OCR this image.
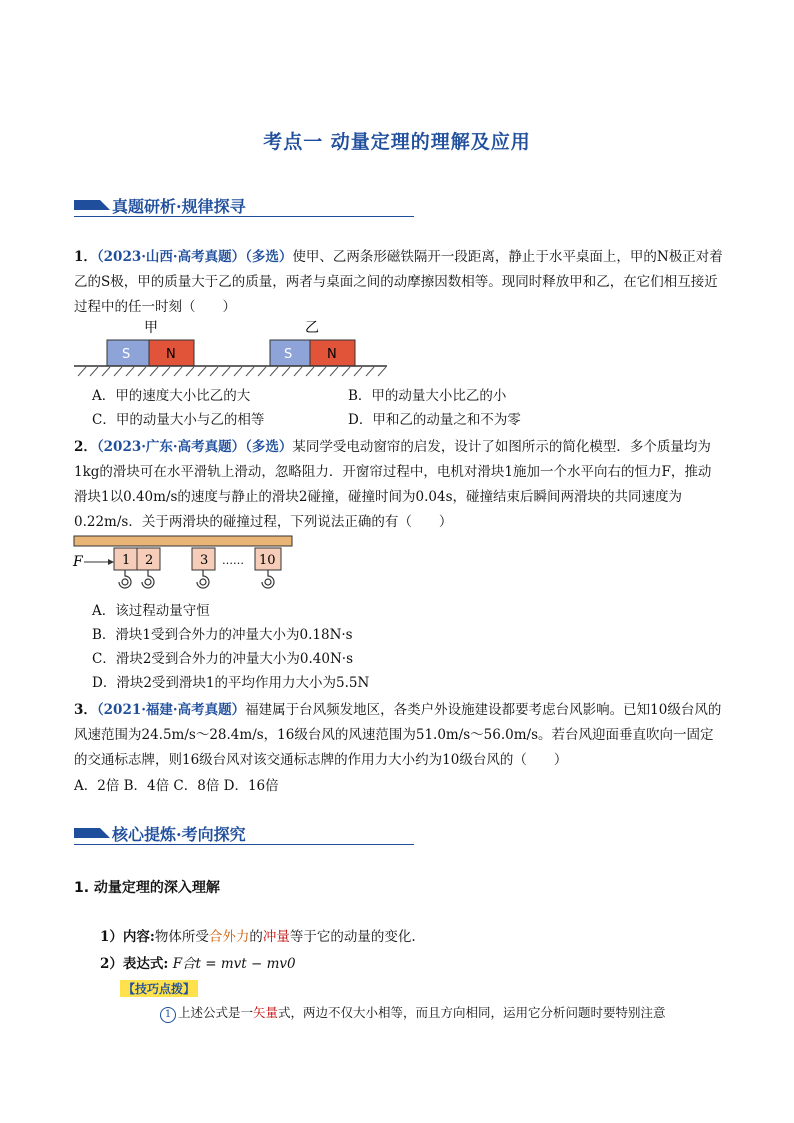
考点一 动量定理的理解及应用
真题研析·规律探寻
1．（2023·山西·高考真题）（多选）使甲、乙两条形磁铁隔开一段距离，静止于水平桌面上，甲的N极正对着乙的S极，甲的质量大于乙的质量，两者与桌面之间的动摩擦因数相等。现同时释放甲和乙，在它们相互接近过程中的任一时刻（　　）
甲	乙
S	N	S	N
A．甲的速度大小比乙的大	B．甲的动量大小比乙的小
C．甲的动量大小与乙的相等	D．甲和乙的动量之和不为零
2．（2023·广东·高考真题）（多选）某同学受电动窗帘的启发，设计了如图所示的简化模型．多个质量均为1kg的滑块可在水平滑轨上滑动，忽略阻力．开窗帘过程中，电机对滑块1施加一个水平向右的恒力F，推动滑块1以0.40m/s的速度与静止的滑块2碰撞，碰撞时间为0.04s，碰撞结束后瞬间两滑块的共同速度为0.22m/s．关于两滑块的碰撞过程，下列说法正确的有（　　）
F	1 2	3 …… 10
A．该过程动量守恒
B．滑块1受到合外力的冲量大小为0.18N·s
C．滑块2受到合外力的冲量大小为0.40N·s
D．滑块2受到滑块1的平均作用力大小为5.5N
3．（2021·福建·高考真题）福建属于台风频发地区，各类户外设施建设都要考虑台风影响。已知10级台风的风速范围为24.5m/s～28.4m/s，16级台风的风速范围为51.0m/s～56.0m/s。若台风迎面垂直吹向一固定的交通标志牌，则16级台风对该交通标志牌的作用力大小约为10级台风的（　　）
A．2倍 B．4倍 C．8倍 D．16倍
核心提炼·考向探究
1. 动量定理的深入理解
1）内容:物体所受合外力的冲量等于它的动量的变化.
2）表达式: F合t = mvt − mv0
【技巧点拨】
1 上述公式是一矢量式，两边不仅大小相等，而且方向相同，运用它分析问题时要特别注意
